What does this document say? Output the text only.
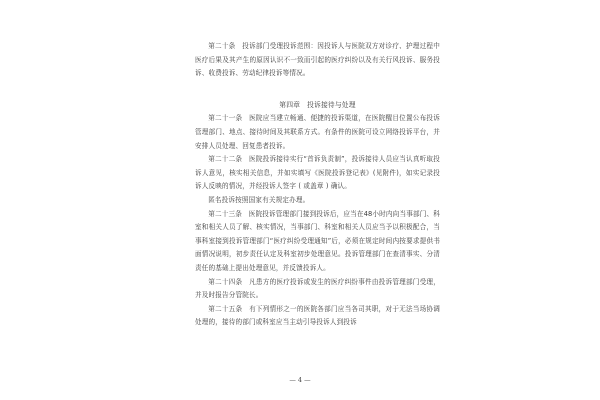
第二十条　投诉部门受理投诉范围：因投诉人与医院双方对诊疗、护理过程中医疗后果及其产生的原因认识不一致而引起的医疗纠纷以及有关行风投诉、服务投诉、收费投诉、劳动纪律投诉等情况。

第四章　投诉接待与处理

第二十一条　医院应当建立畅通、便捷的投诉渠道，在医院醒目位置公布投诉管理部门、地点、接待时间及其联系方式。有条件的医院可设立网络投诉平台，并安排人员处理、回复患者投诉。

第二十二条　医院投诉接待实行“首诉负责制”，投诉接待人员应当认真听取投诉人意见，核实相关信息，并如实填写《医院投诉登记表》(见附件)，如实记录投诉人反映的情况，并经投诉人签字 ( 或盖章 ) 确认。

匿名投诉按照国家有关规定办理。

第二十三条　医院投诉管理部门接到投诉后，应当在48小时内向当事部门、科室和相关人员了解、核实情况，当事部门、科室和相关人员应当予以积极配合，当事科室接到投诉管理部门“医疗纠纷受理通知”后，必须在规定时间内按要求提供书面情况说明，初步责任认定及科室初步处理意见。投诉管理部门在查清事实、分清责任的基础上提出处理意见，并反馈投诉人。

第二十四条　凡患方的医疗投诉或发生的医疗纠纷事件由投诉管理部门受理，并及时报告分管院长。

第二十五条　有下列情形之一的医院各部门应当各司其职，对于无法当场协调处理的，接待的部门或科室应当主动引导投诉人到投诉

— 4 —
